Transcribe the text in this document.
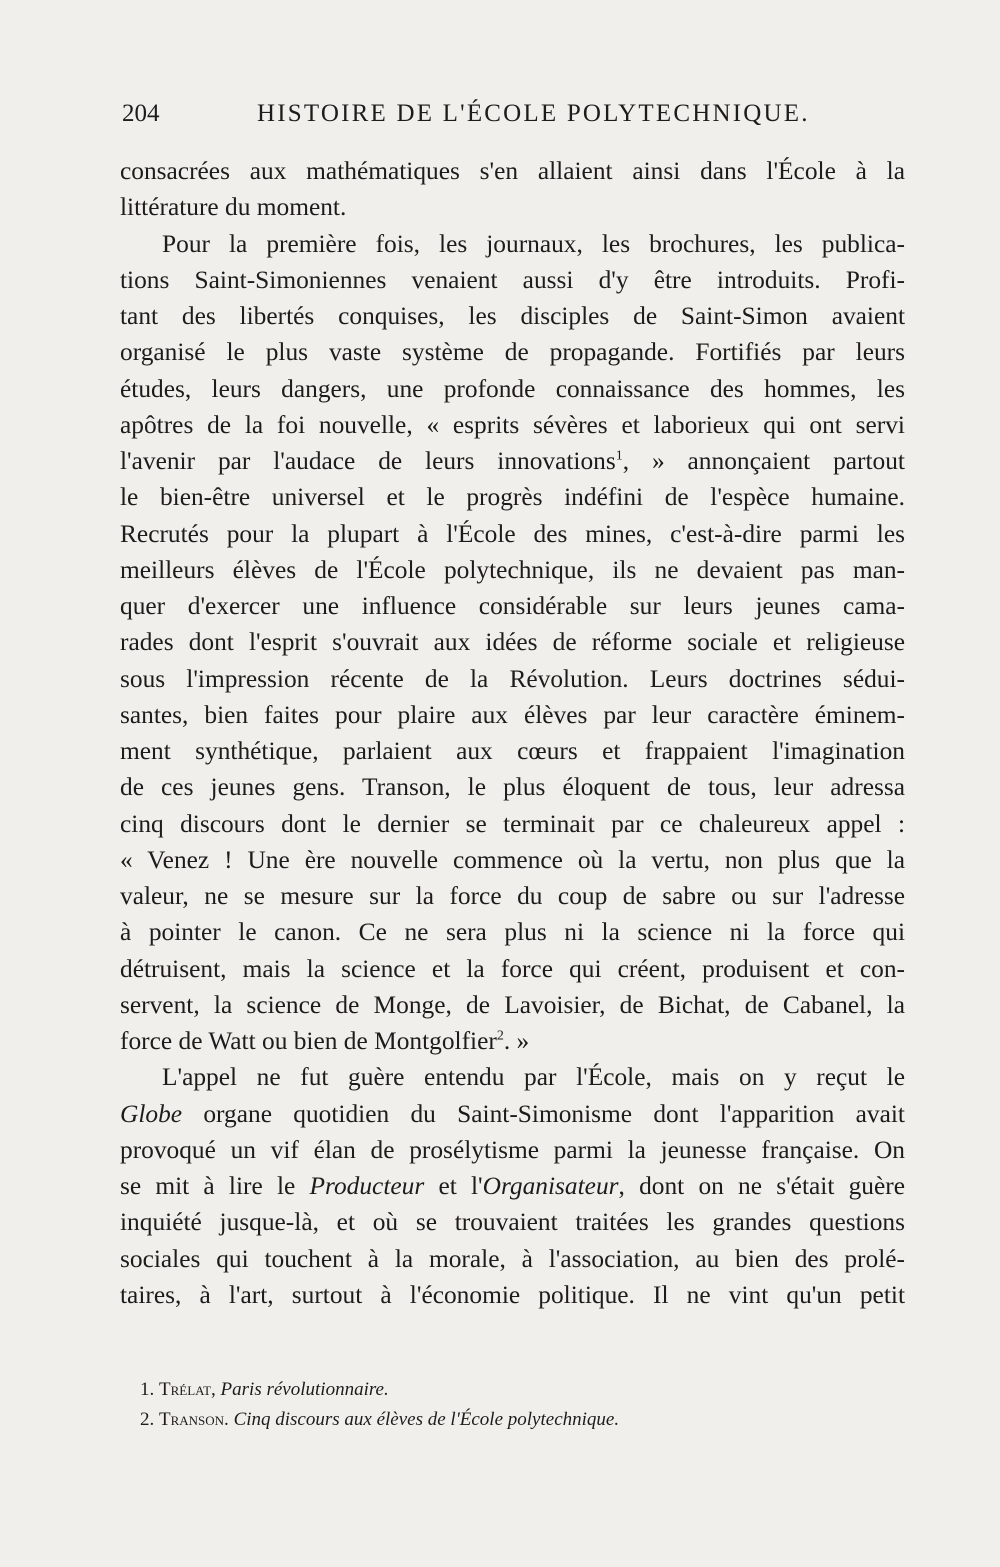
204	HISTOIRE DE L'ÉCOLE POLYTECHNIQUE.
consacrées aux mathématiques s'en allaient ainsi dans l'École à la
littérature du moment.
Pour la première fois, les journaux, les brochures, les publica-
tions Saint-Simoniennes venaient aussi d'y être introduits. Profi-
tant des libertés conquises, les disciples de Saint-Simon avaient
organisé le plus vaste système de propagande. Fortifiés par leurs
études, leurs dangers, une profonde connaissance des hommes, les
apôtres de la foi nouvelle, « esprits sévères et laborieux qui ont servi
l'avenir par l'audace de leurs innovations$^1$, » annonçaient partout
le bien-être universel et le progrès indéfini de l'espèce humaine.
Recrutés pour la plupart à l'École des mines, c'est-à-dire parmi les
meilleurs élèves de l'École polytechnique, ils ne devaient pas man-
quer d'exercer une influence considérable sur leurs jeunes cama-
rades dont l'esprit s'ouvrait aux idées de réforme sociale et religieuse
sous l'impression récente de la Révolution. Leurs doctrines sédui-
santes, bien faites pour plaire aux élèves par leur caractère éminem-
ment synthétique, parlaient aux cœurs et frappaient l'imagination
de ces jeunes gens. Transon, le plus éloquent de tous, leur adressa
cinq discours dont le dernier se terminait par ce chaleureux appel :
« Venez ! Une ère nouvelle commence où la vertu, non plus que la
valeur, ne se mesure sur la force du coup de sabre ou sur l'adresse
à pointer le canon. Ce ne sera plus ni la science ni la force qui
détruisent, mais la science et la force qui créent, produisent et con-
servent, la science de Monge, de Lavoisier, de Bichat, de Cabanel, la
force de Watt ou bien de Montgolfier$^2$. »
L'appel ne fut guère entendu par l'École, mais on y reçut le
Globe organe quotidien du Saint-Simonisme dont l'apparition avait
provoqué un vif élan de prosélytisme parmi la jeunesse française. On
se mit à lire le Producteur et l'Organisateur, dont on ne s'était guère
inquiété jusque-là, et où se trouvaient traitées les grandes questions
sociales qui touchent à la morale, à l'association, au bien des prolé-
taires, à l'art, surtout à l'économie politique. Il ne vint qu'un petit
1. Trélat, Paris révolutionnaire.
2. Transon. Cinq discours aux élèves de l'École polytechnique.
